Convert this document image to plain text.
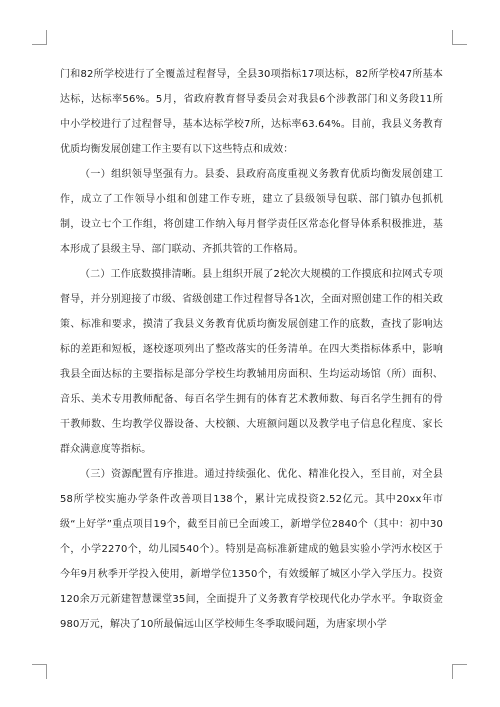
门和82所学校进行了全覆盖过程督导，全县30项指标17项达标，82所学校47所基本达标，达标率56%。5月，省政府教育督导委员会对我县6个涉教部门和义务段11所中小学校进行了过程督导，基本达标学校7所，达标率63.64%。目前，我县义务教育优质均衡发展创建工作主要有以下这些特点和成效：

（一）组织领导坚强有力。县委、县政府高度重视义务教育优质均衡发展创建工作，成立了工作领导小组和创建工作专班，建立了县级领导包联、部门镇办包抓机制，设立七个工作组，将创建工作纳入每月督学责任区常态化督导体系积极推进，基本形成了县级主导、部门联动、齐抓共管的工作格局。

（二）工作底数摸排清晰。县上组织开展了2轮次大规模的工作摸底和拉网式专项督导，并分别迎接了市级、省级创建工作过程督导各1次，全面对照创建工作的相关政策、标准和要求，摸清了我县义务教育优质均衡发展创建工作的底数，查找了影响达标的差距和短板，逐校逐项列出了整改落实的任务清单。在四大类指标体系中，影响我县全面达标的主要指标是部分学校生均教辅用房面积、生均运动场馆（所）面积、音乐、美术专用教师配备、每百名学生拥有的体育艺术教师数、每百名学生拥有的骨干教师数、生均教学仪器设备、大校额、大班额问题以及教学电子信息化程度、家长群众满意度等指标。

（三）资源配置有序推进。通过持续强化、优化、精准化投入，至目前，对全县58所学校实施办学条件改善项目138个，累计完成投资2.52亿元。其中20xx年市级“上好学”重点项目19个，截至目前已全面竣工，新增学位2840个（其中：初中30个，小学2270个，幼儿园540个）。特别是高标准新建成的勉县实验小学沔水校区于今年9月秋季开学投入使用，新增学位1350个，有效缓解了城区小学入学压力。投资120余万元新建智慧课堂35间，全面提升了义务教育学校现代化办学水平。争取资金980万元，解决了10所最偏远山区学校师生冬季取暖问题，为唐家坝小学
